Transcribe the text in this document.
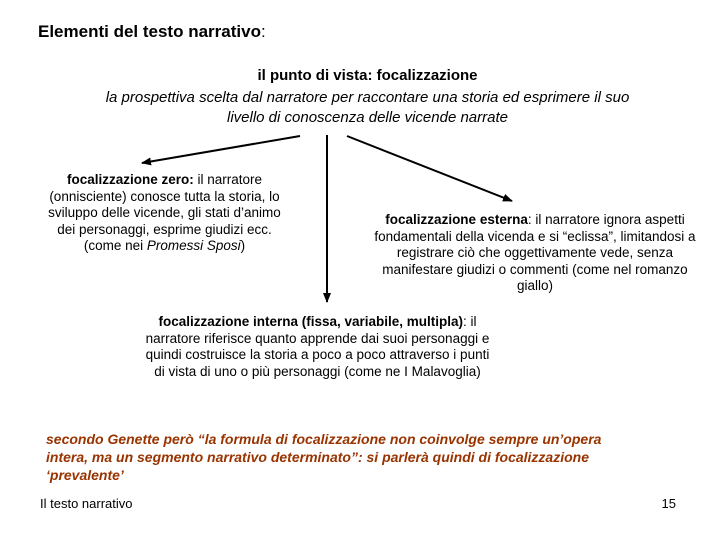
Elementi del testo narrativo:
il punto di vista: focalizzazione
la prospettiva scelta dal narratore per raccontare una storia ed esprimere il suo livello di conoscenza delle vicende narrate
focalizzazione zero: il narratore (onnisciente) conosce tutta la storia, lo sviluppo delle vicende, gli stati d’animo dei personaggi, esprime giudizi ecc. (come nei Promessi Sposi)
focalizzazione esterna: il narratore ignora aspetti fondamentali della vicenda e si “eclissa”, limitandosi a registrare ciò che oggettivamente vede, senza manifestare giudizi o commenti (come nel romanzo giallo)
focalizzazione interna (fissa, variabile, multipla): il narratore riferisce quanto apprende dai suoi personaggi e quindi costruisce la storia a poco a poco attraverso i punti di vista di uno o più personaggi (come ne I Malavoglia)
secondo Genette però “la formula di focalizzazione non coinvolge sempre un’opera intera, ma un segmento narrativo determinato”: si parlerà quindi di focalizzazione ‘prevalente’
Il testo narrativo	15
